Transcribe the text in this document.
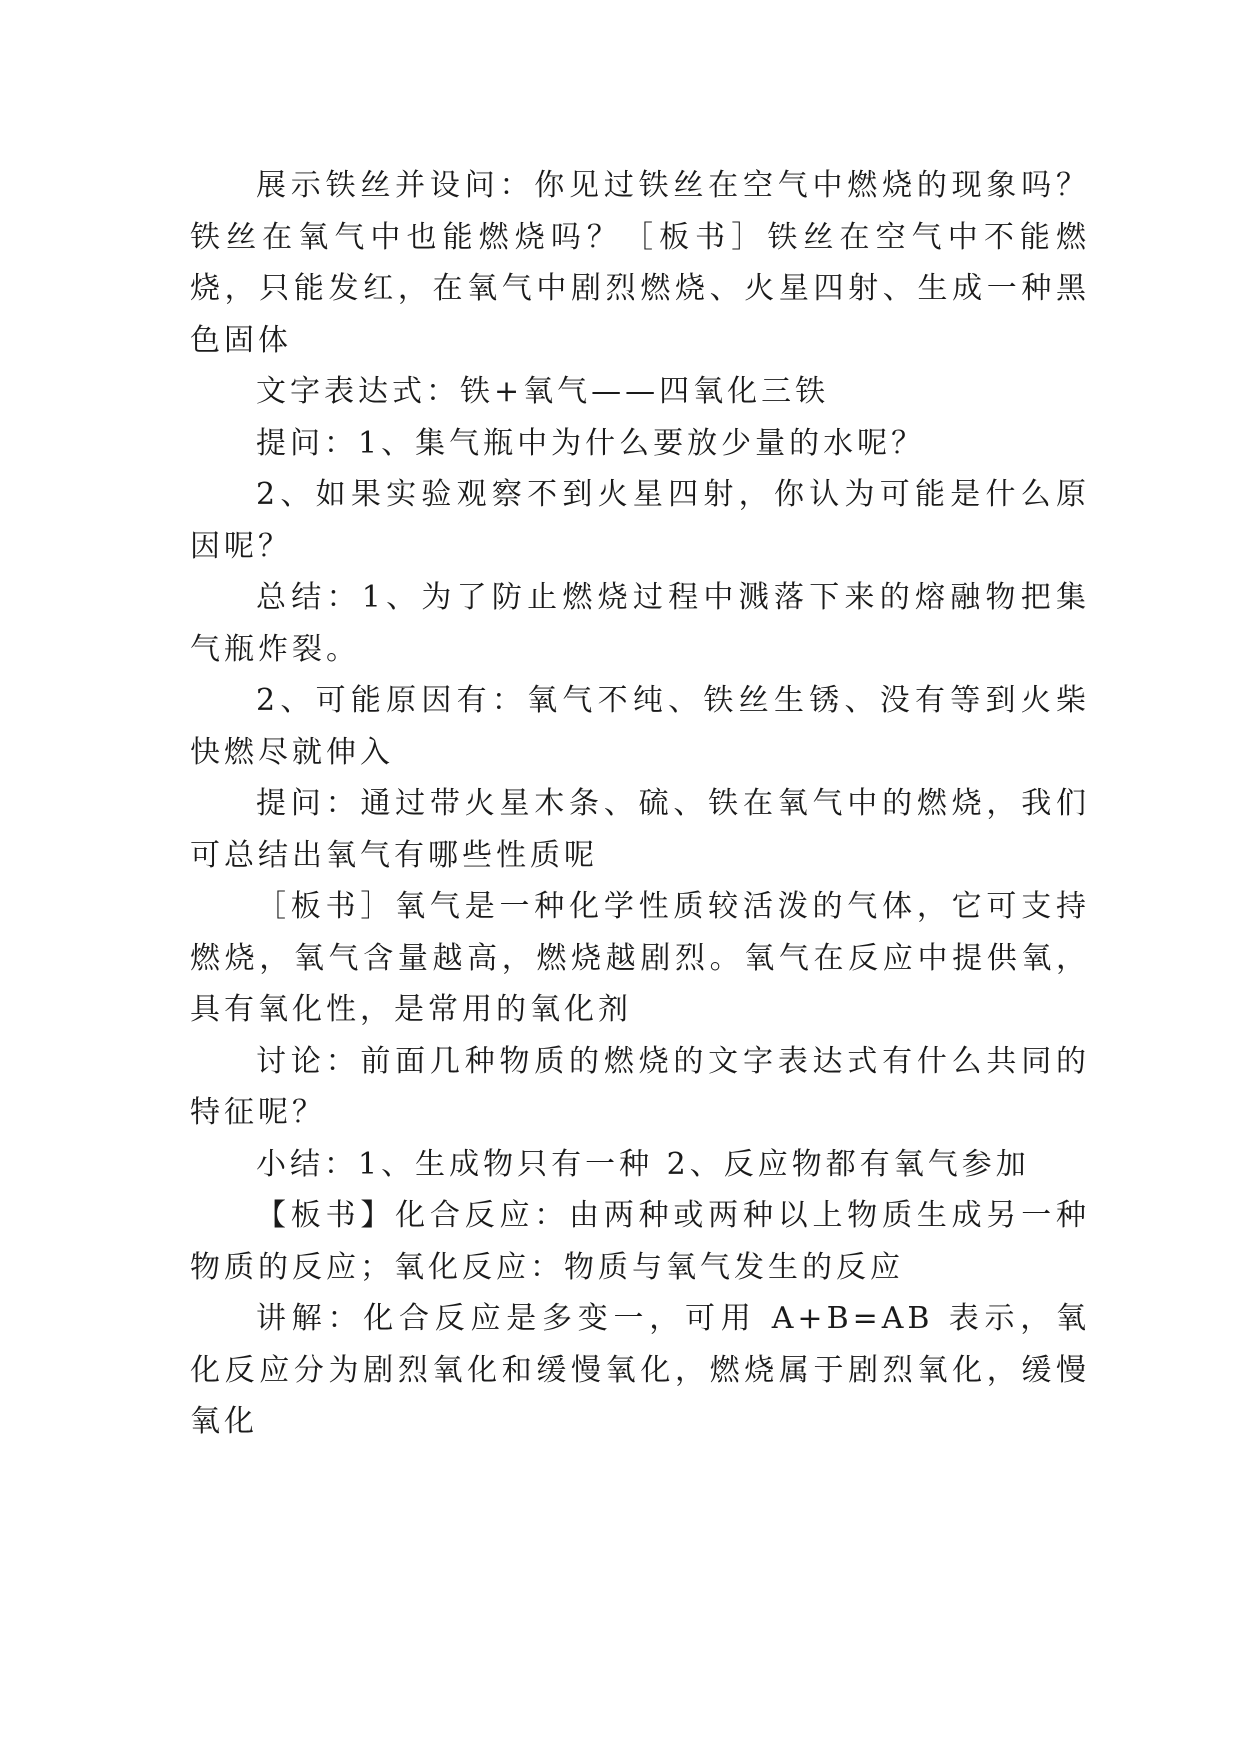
展示铁丝并设问：你见过铁丝在空气中燃烧的现象吗？铁丝在氧气中也能燃烧吗？［板书］铁丝在空气中不能燃烧，只能发红，在氧气中剧烈燃烧、火星四射、生成一种黑色固体

文字表达式：铁+氧气——四氧化三铁

提问：1、集气瓶中为什么要放少量的水呢？

2、如果实验观察不到火星四射，你认为可能是什么原因呢？

总结：1、为了防止燃烧过程中溅落下来的熔融物把集气瓶炸裂。

2、可能原因有：氧气不纯、铁丝生锈、没有等到火柴快燃尽就伸入

提问：通过带火星木条、硫、铁在氧气中的燃烧，我们可总结出氧气有哪些性质呢

［板书］氧气是一种化学性质较活泼的气体，它可支持燃烧，氧气含量越高，燃烧越剧烈。氧气在反应中提供氧，具有氧化性，是常用的氧化剂

讨论：前面几种物质的燃烧的文字表达式有什么共同的特征呢？

小结：1、生成物只有一种 2、反应物都有氧气参加

【板书】化合反应：由两种或两种以上物质生成另一种物质的反应；氧化反应：物质与氧气发生的反应

讲解：化合反应是多变一，可用 A+B=AB 表示，氧化反应分为剧烈氧化和缓慢氧化，燃烧属于剧烈氧化，缓慢氧化
